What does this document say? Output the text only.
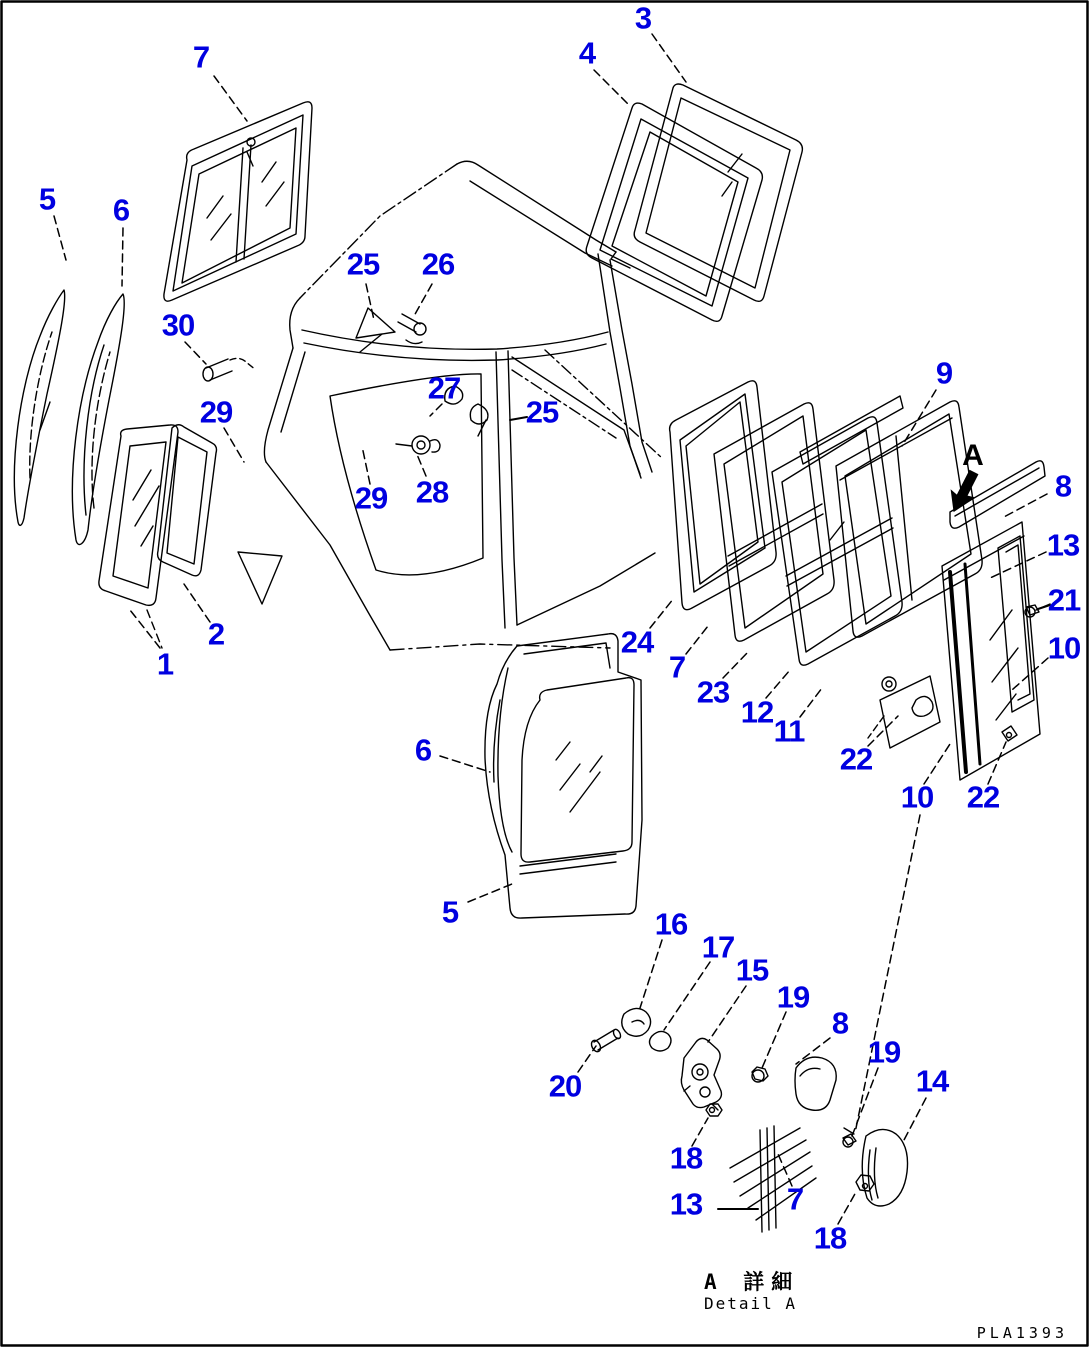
7
3
4
5 6
25 26
30
9
27
25
29
8
29 28
13
21
24	10
2
1	7
23
12
11
6	22
10 22
5	16
17
15
19
8
19
14
20
18
13	7
18
A
A 詳細
Detail A
PLA1393
